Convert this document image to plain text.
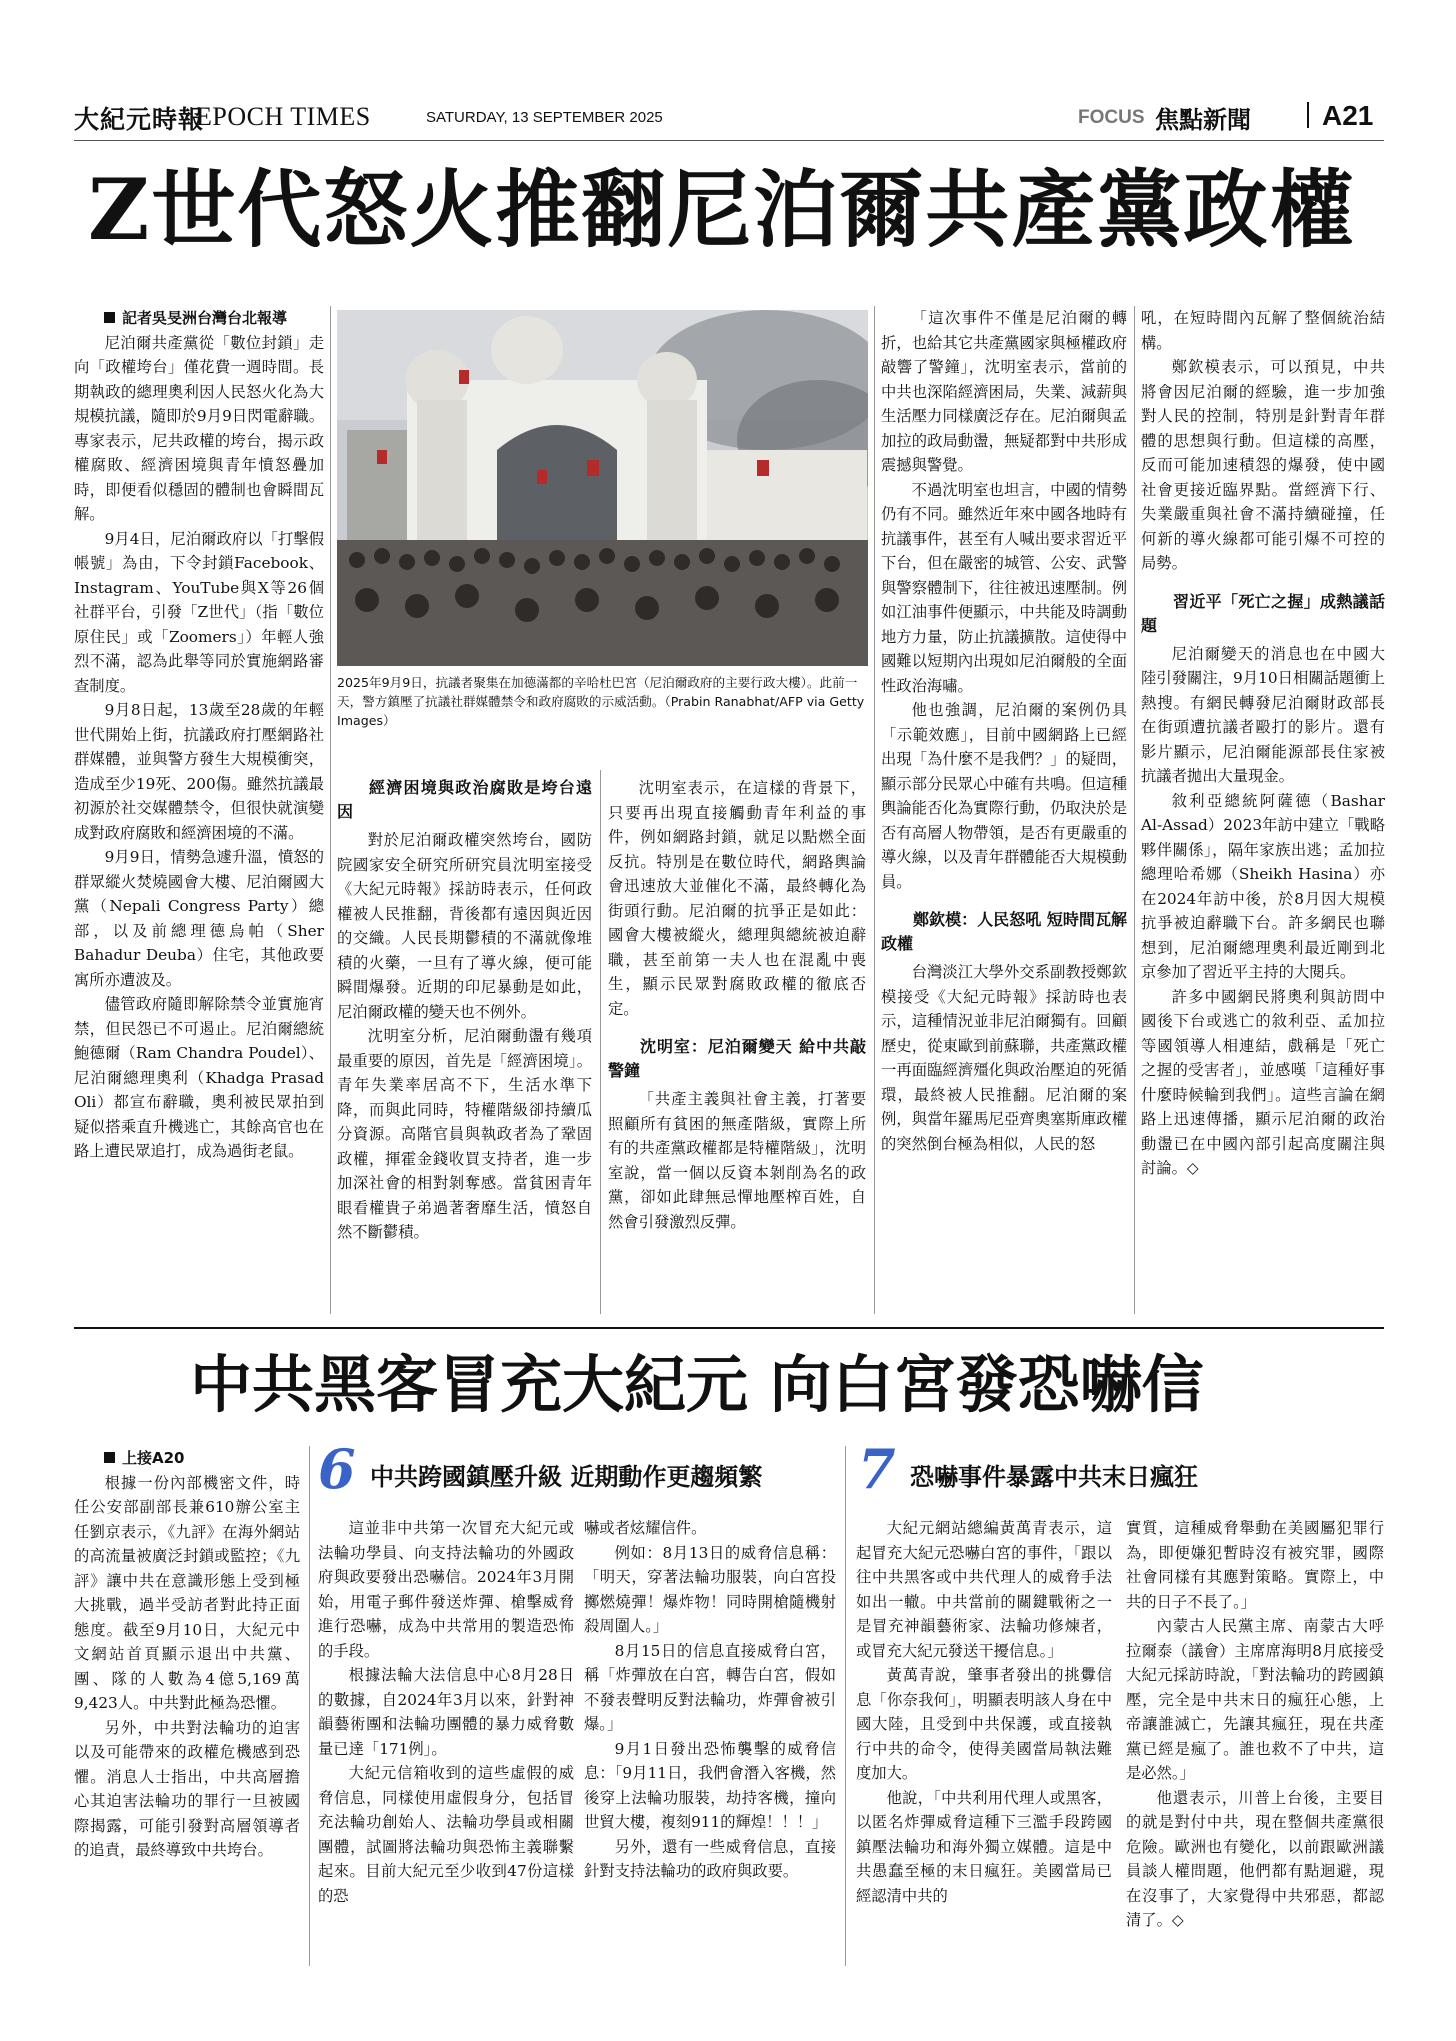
大紀元時報
EPOCH TIMES	SATURDAY, 13 SEPTEMBER 2025	FOCUS 焦點新聞	A21
Z世代怒火推翻尼泊爾共產黨政權

記者吳旻洲台灣台北報導

尼泊爾共產黨從「數位封鎖」走向「政權垮台」僅花費一週時間。長期執政的總理奧利因人民怒火化為大規模抗議，隨即於9月9日閃電辭職。專家表示，尼共政權的垮台，揭示政權腐敗、經濟困境與青年憤怒疊加時，即便看似穩固的體制也會瞬間瓦解。

9月4日，尼泊爾政府以「打擊假帳號」為由，下令封鎖Facebook、Instagram、YouTube與X等26個社群平台，引發「Z世代」（指「數位原住民」或「Zoomers」）年輕人強烈不滿，認為此舉等同於實施網路審查制度。

9月8日起，13歲至28歲的年輕世代開始上街，抗議政府打壓網路社群媒體，並與警方發生大規模衝突，造成至少19死、200傷。雖然抗議最初源於社交媒體禁令，但很快就演變成對政府腐敗和經濟困境的不滿。

9月9日，情勢急遽升溫，憤怒的群眾縱火焚燒國會大樓、尼泊爾國大黨（Nepali Congress Party）總部，以及前總理德烏帕（Sher Bahadur Deuba）住宅，其他政要寓所亦遭波及。

儘管政府隨即解除禁令並實施宵禁，但民怨已不可遏止。尼泊爾總統鮑德爾（Ram Chandra Poudel）、尼泊爾總理奧利（Khadga Prasad Oli）都宣布辭職，奧利被民眾拍到疑似搭乘直升機逃亡，其餘高官也在路上遭民眾追打，成為過街老鼠。

2025年9月9日，抗議者聚集在加德滿都的辛哈杜巴宮（尼泊爾政府的主要行政大樓）。此前一天，警方鎮壓了抗議社群媒體禁令和政府腐敗的示威活動。（Prabin Ranabhat/AFP via Getty Images）

經濟困境與政治腐敗是垮台遠因

對於尼泊爾政權突然垮台，國防院國家安全研究所研究員沈明室接受《大紀元時報》採訪時表示，任何政權被人民推翻，背後都有遠因與近因的交織。人民長期鬱積的不滿就像堆積的火藥，一旦有了導火線，便可能瞬間爆發。近期的印尼暴動是如此，尼泊爾政權的變天也不例外。

沈明室分析，尼泊爾動盪有幾項最重要的原因，首先是「經濟困境」。青年失業率居高不下，生活水準下降，而與此同時，特權階級卻持續瓜分資源。高階官員與執政者為了鞏固政權，揮霍金錢收買支持者，進一步加深社會的相對剝奪感。當貧困青年眼看權貴子弟過著奢靡生活，憤怒自然不斷鬱積。

沈明室表示，在這樣的背景下，只要再出現直接觸動青年利益的事件，例如網路封鎖，就足以點燃全面反抗。特別是在數位時代，網路輿論會迅速放大並催化不滿，最終轉化為街頭行動。尼泊爾的抗爭正是如此：國會大樓被縱火，總理與總統被迫辭職，甚至前第一夫人也在混亂中喪生，顯示民眾對腐敗政權的徹底否定。

沈明室：尼泊爾變天 給中共敲警鐘

「共產主義與社會主義，打著要照顧所有貧困的無產階級，實際上所有的共產黨政權都是特權階級」，沈明室說，當一個以反資本剝削為名的政黨，卻如此肆無忌憚地壓榨百姓，自然會引發激烈反彈。

「這次事件不僅是尼泊爾的轉折，也給其它共產黨國家與極權政府敲響了警鐘」，沈明室表示，當前的中共也深陷經濟困局，失業、減薪與生活壓力同樣廣泛存在。尼泊爾與孟加拉的政局動盪，無疑都對中共形成震撼與警覺。

不過沈明室也坦言，中國的情勢仍有不同。雖然近年來中國各地時有抗議事件，甚至有人喊出要求習近平下台，但在嚴密的城管、公安、武警與警察體制下，往往被迅速壓制。例如江油事件便顯示，中共能及時調動地方力量，防止抗議擴散。這使得中國難以短期內出現如尼泊爾般的全面性政治海嘯。

他也強調，尼泊爾的案例仍具「示範效應」，目前中國網路上已經出現「為什麼不是我們？」的疑問，顯示部分民眾心中確有共鳴。但這種輿論能否化為實際行動，仍取決於是否有高層人物帶領，是否有更嚴重的導火線，以及青年群體能否大規模動員。

鄭欽模：人民怒吼 短時間瓦解政權

台灣淡江大學外交系副教授鄭欽模接受《大紀元時報》採訪時也表示，這種情況並非尼泊爾獨有。回顧歷史，從東歐到前蘇聯，共產黨政權一再面臨經濟殭化與政治壓迫的死循環，最終被人民推翻。尼泊爾的案例，與當年羅馬尼亞齊奧塞斯庫政權的突然倒台極為相似，人民的怒

吼，在短時間內瓦解了整個統治結構。

鄭欽模表示，可以預見，中共將會因尼泊爾的經驗，進一步加強對人民的控制，特別是針對青年群體的思想與行動。但這樣的高壓，反而可能加速積怨的爆發，使中國社會更接近臨界點。當經濟下行、失業嚴重與社會不滿持續碰撞，任何新的導火線都可能引爆不可控的局勢。

習近平「死亡之握」成熱議話題

尼泊爾變天的消息也在中國大陸引發關注，9月10日相關話題衝上熱搜。有網民轉發尼泊爾財政部長在街頭遭抗議者毆打的影片。還有影片顯示，尼泊爾能源部長住家被抗議者拋出大量現金。

敘利亞總統阿薩德（Bashar Al-Assad）2023年訪中建立「戰略夥伴關係」，隔年家族出逃；孟加拉總理哈希娜（Sheikh Hasina）亦在2024年訪中後，於8月因大規模抗爭被迫辭職下台。許多網民也聯想到，尼泊爾總理奧利最近剛到北京參加了習近平主持的大閱兵。

許多中國網民將奧利與訪問中國後下台或逃亡的敘利亞、孟加拉等國領導人相連結，戲稱是「死亡之握的受害者」，並感嘆「這種好事什麼時候輪到我們」。這些言論在網路上迅速傳播，顯示尼泊爾的政治動盪已在中國內部引起高度關注與討論。◇

中共黑客冒充大紀元 向白宮發恐嚇信

上接A20

根據一份內部機密文件，時任公安部副部長兼610辦公室主任劉京表示，《九評》在海外網站的高流量被廣泛封鎖或監控；《九評》讓中共在意識形態上受到極大挑戰，過半受訪者對此持正面態度。截至9月10日，大紀元中文網站首頁顯示退出中共黨、團、隊的人數為4億5,169萬9,423人。中共對此極為恐懼。

另外，中共對法輪功的迫害以及可能帶來的政權危機感到恐懼。消息人士指出，中共高層擔心其迫害法輪功的罪行一旦被國際揭露，可能引發對高層領導者的追責，最終導致中共垮台。

6 中共跨國鎮壓升級 近期動作更趨頻繁

這並非中共第一次冒充大紀元或法輪功學員、向支持法輪功的外國政府與政要發出恐嚇信。2024年3月開始，用電子郵件發送炸彈、槍擊威脅進行恐嚇，成為中共常用的製造恐怖的手段。

根據法輪大法信息中心8月28日的數據，自2024年3月以來，針對神韻藝術團和法輪功團體的暴力威脅數量已達「171例」。

大紀元信箱收到的這些虛假的威脅信息，同樣使用虛假身分，包括冒充法輪功創始人、法輪功學員或相關團體，試圖將法輪功與恐怖主義聯繫起來。目前大紀元至少收到47份這樣的恐

嚇或者炫耀信件。

例如：8月13日的威脅信息稱：「明天，穿著法輪功服裝，向白宮投擲燃燒彈！爆炸物！同時開槍隨機射殺周圍人。」

8月15日的信息直接威脅白宮，稱「炸彈放在白宮，轉告白宮，假如不發表聲明反對法輪功，炸彈會被引爆。」

9月1日發出恐怖襲擊的威脅信息：「9月11日，我們會潛入客機，然後穿上法輪功服裝，劫持客機，撞向世貿大樓，複刻911的輝煌！！！」

另外，還有一些威脅信息，直接針對支持法輪功的政府與政要。

7 恐嚇事件暴露中共末日瘋狂

大紀元網站總編黃萬青表示，這起冒充大紀元恐嚇白宮的事件，「跟以往中共黑客或中共代理人的威脅手法如出一轍。中共當前的關鍵戰術之一是冒充神韻藝術家、法輪功修煉者，或冒充大紀元發送干擾信息。」

黃萬青說，肇事者發出的挑釁信息「你奈我何」，明顯表明該人身在中國大陸，且受到中共保護，或直接執行中共的命令，使得美國當局執法難度加大。

他說，「中共利用代理人或黑客，以匿名炸彈威脅這種下三濫手段跨國鎮壓法輪功和海外獨立媒體。這是中共愚蠢至極的末日瘋狂。美國當局已經認清中共的

實質，這種威脅舉動在美國屬犯罪行為，即便嫌犯暫時沒有被究罪，國際社會同樣有其應對策略。實際上，中共的日子不長了。」

內蒙古人民黨主席、南蒙古大呼拉爾泰（議會）主席席海明8月底接受大紀元採訪時說，「對法輪功的跨國鎮壓，完全是中共末日的瘋狂心態，上帝讓誰滅亡，先讓其瘋狂，現在共產黨已經是瘋了。誰也救不了中共，這是必然。」

他還表示，川普上台後，主要目的就是對付中共，現在整個共產黨很危險。歐洲也有變化，以前跟歐洲議員談人權問題，他們都有點迴避，現在沒事了，大家覺得中共邪惡，都認清了。◇
